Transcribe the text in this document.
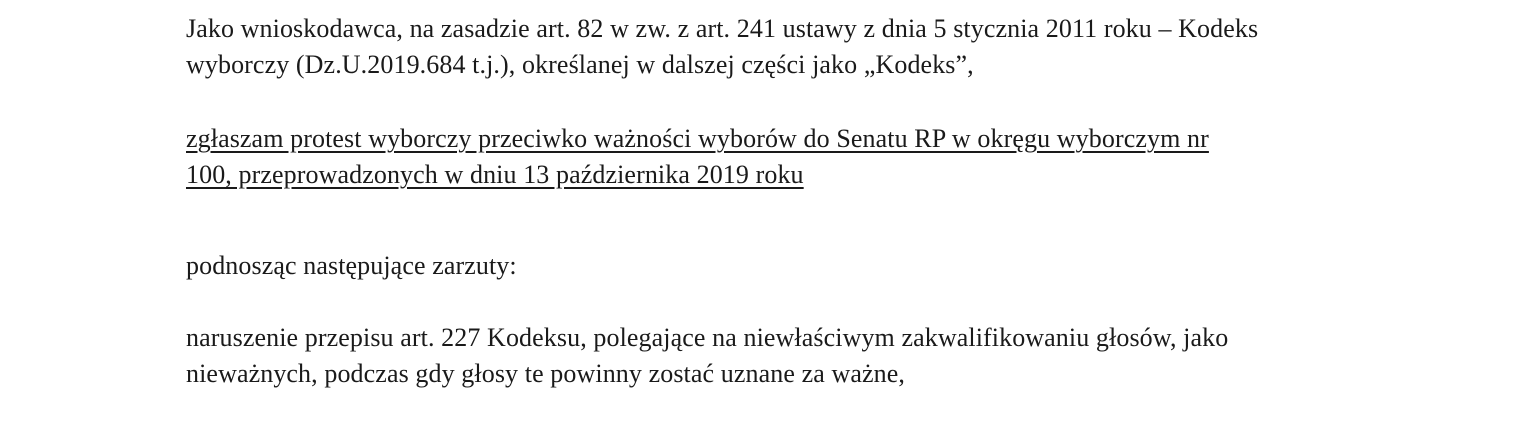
Jako wnioskodawca, na zasadzie art. 82 w zw. z art. 241 ustawy z dnia 5 stycznia 2011 roku – Kodeks
wyborczy (Dz.U.2019.684 t.j.), określanej w dalszej części jako „Kodeks”,

zgłaszam protest wyborczy przeciwko ważności wyborów do Senatu RP w okręgu wyborczym nr
100, przeprowadzonych w dniu 13 października 2019 roku

podnosząc następujące zarzuty:

naruszenie przepisu art. 227 Kodeksu, polegające na niewłaściwym zakwalifikowaniu głosów, jako
nieważnych, podczas gdy głosy te powinny zostać uznane za ważne,
